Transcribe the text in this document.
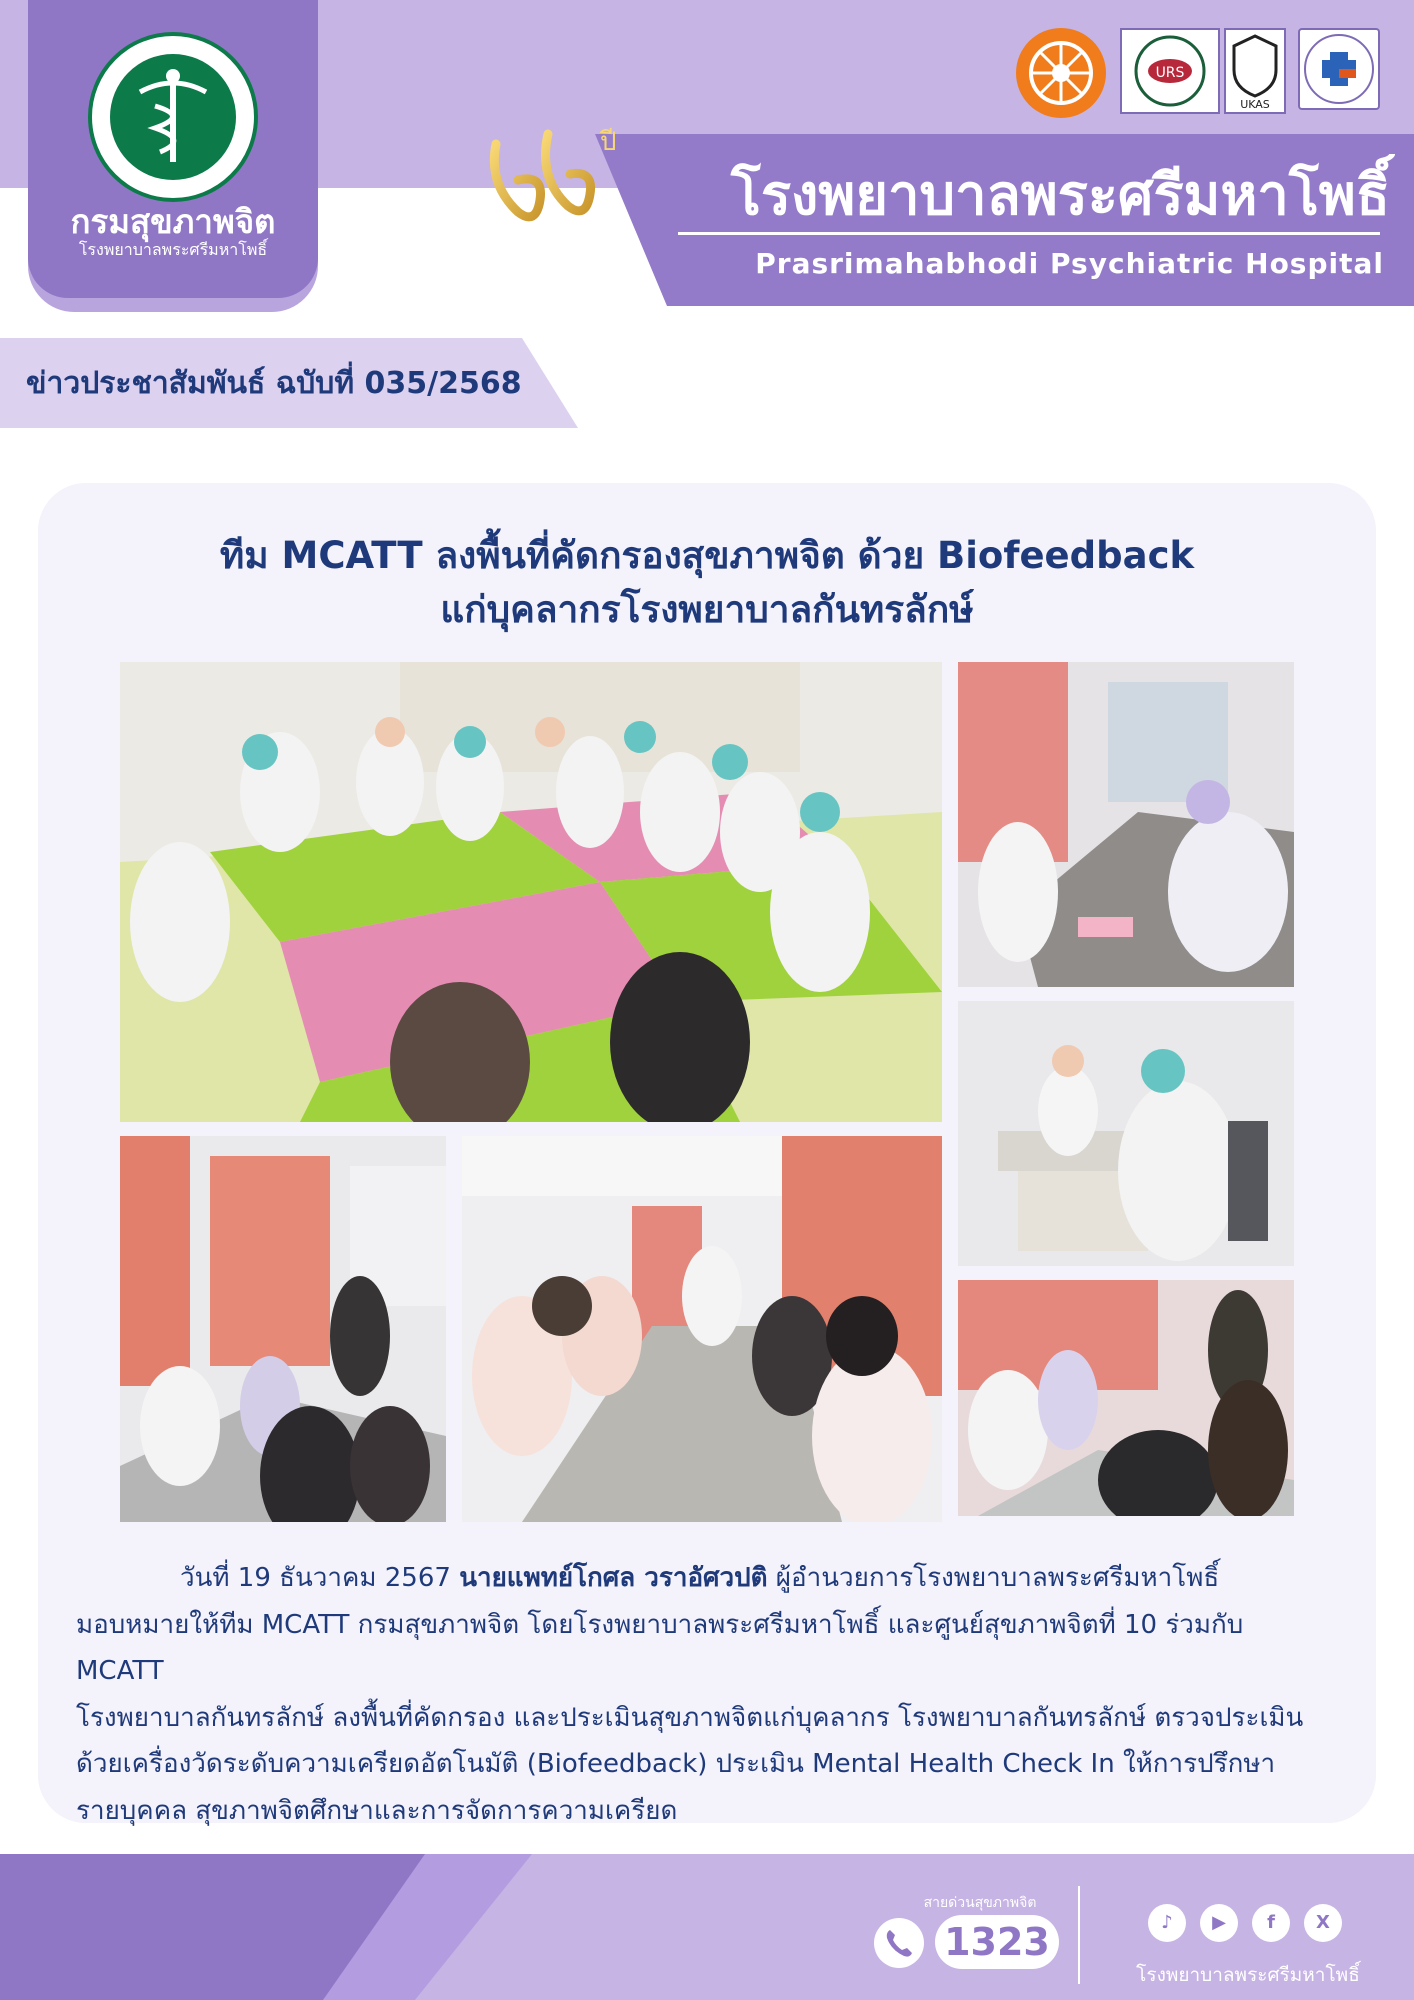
กรมสุขภาพจิต
โรงพยาบาลพระศรีมหาโพธิ์
ปี
URS
UKAS
โรงพยาบาลพระศรีมหาโพธิ์
Prasrimahabhodi Psychiatric Hospital
ข่าวประชาสัมพันธ์ ฉบับที่ 035/2568
ทีม MCATT ลงพื้นที่คัดกรองสุขภาพจิต ด้วย Biofeedback
แก่บุคลากรโรงพยาบาลกันทรลักษ์

วันที่ 19 ธันวาคม 2567 นายแพทย์โกศล วราอัศวปติ ผู้อำนวยการโรงพยาบาลพระศรีมหาโพธิ์

มอบหมายให้ทีม MCATT กรมสุขภาพจิต โดยโรงพยาบาลพระศรีมหาโพธิ์ และศูนย์สุขภาพจิตที่ 10 ร่วมกับ MCATT

โรงพยาบาลกันทรลักษ์ ลงพื้นที่คัดกรอง และประเมินสุขภาพจิตแก่บุคลากร โรงพยาบาลกันทรลักษ์ ตรวจประเมิน

ด้วยเครื่องวัดระดับความเครียดอัตโนมัติ (Biofeedback) ประเมิน Mental Health Check In ให้การปรึกษา

รายบุคคล สุขภาพจิตศึกษาและการจัดการความเครียด

สายด่วนสุขภาพจิต
1323	♪	▶	f	X
โรงพยาบาลพระศรีมหาโพธิ์
